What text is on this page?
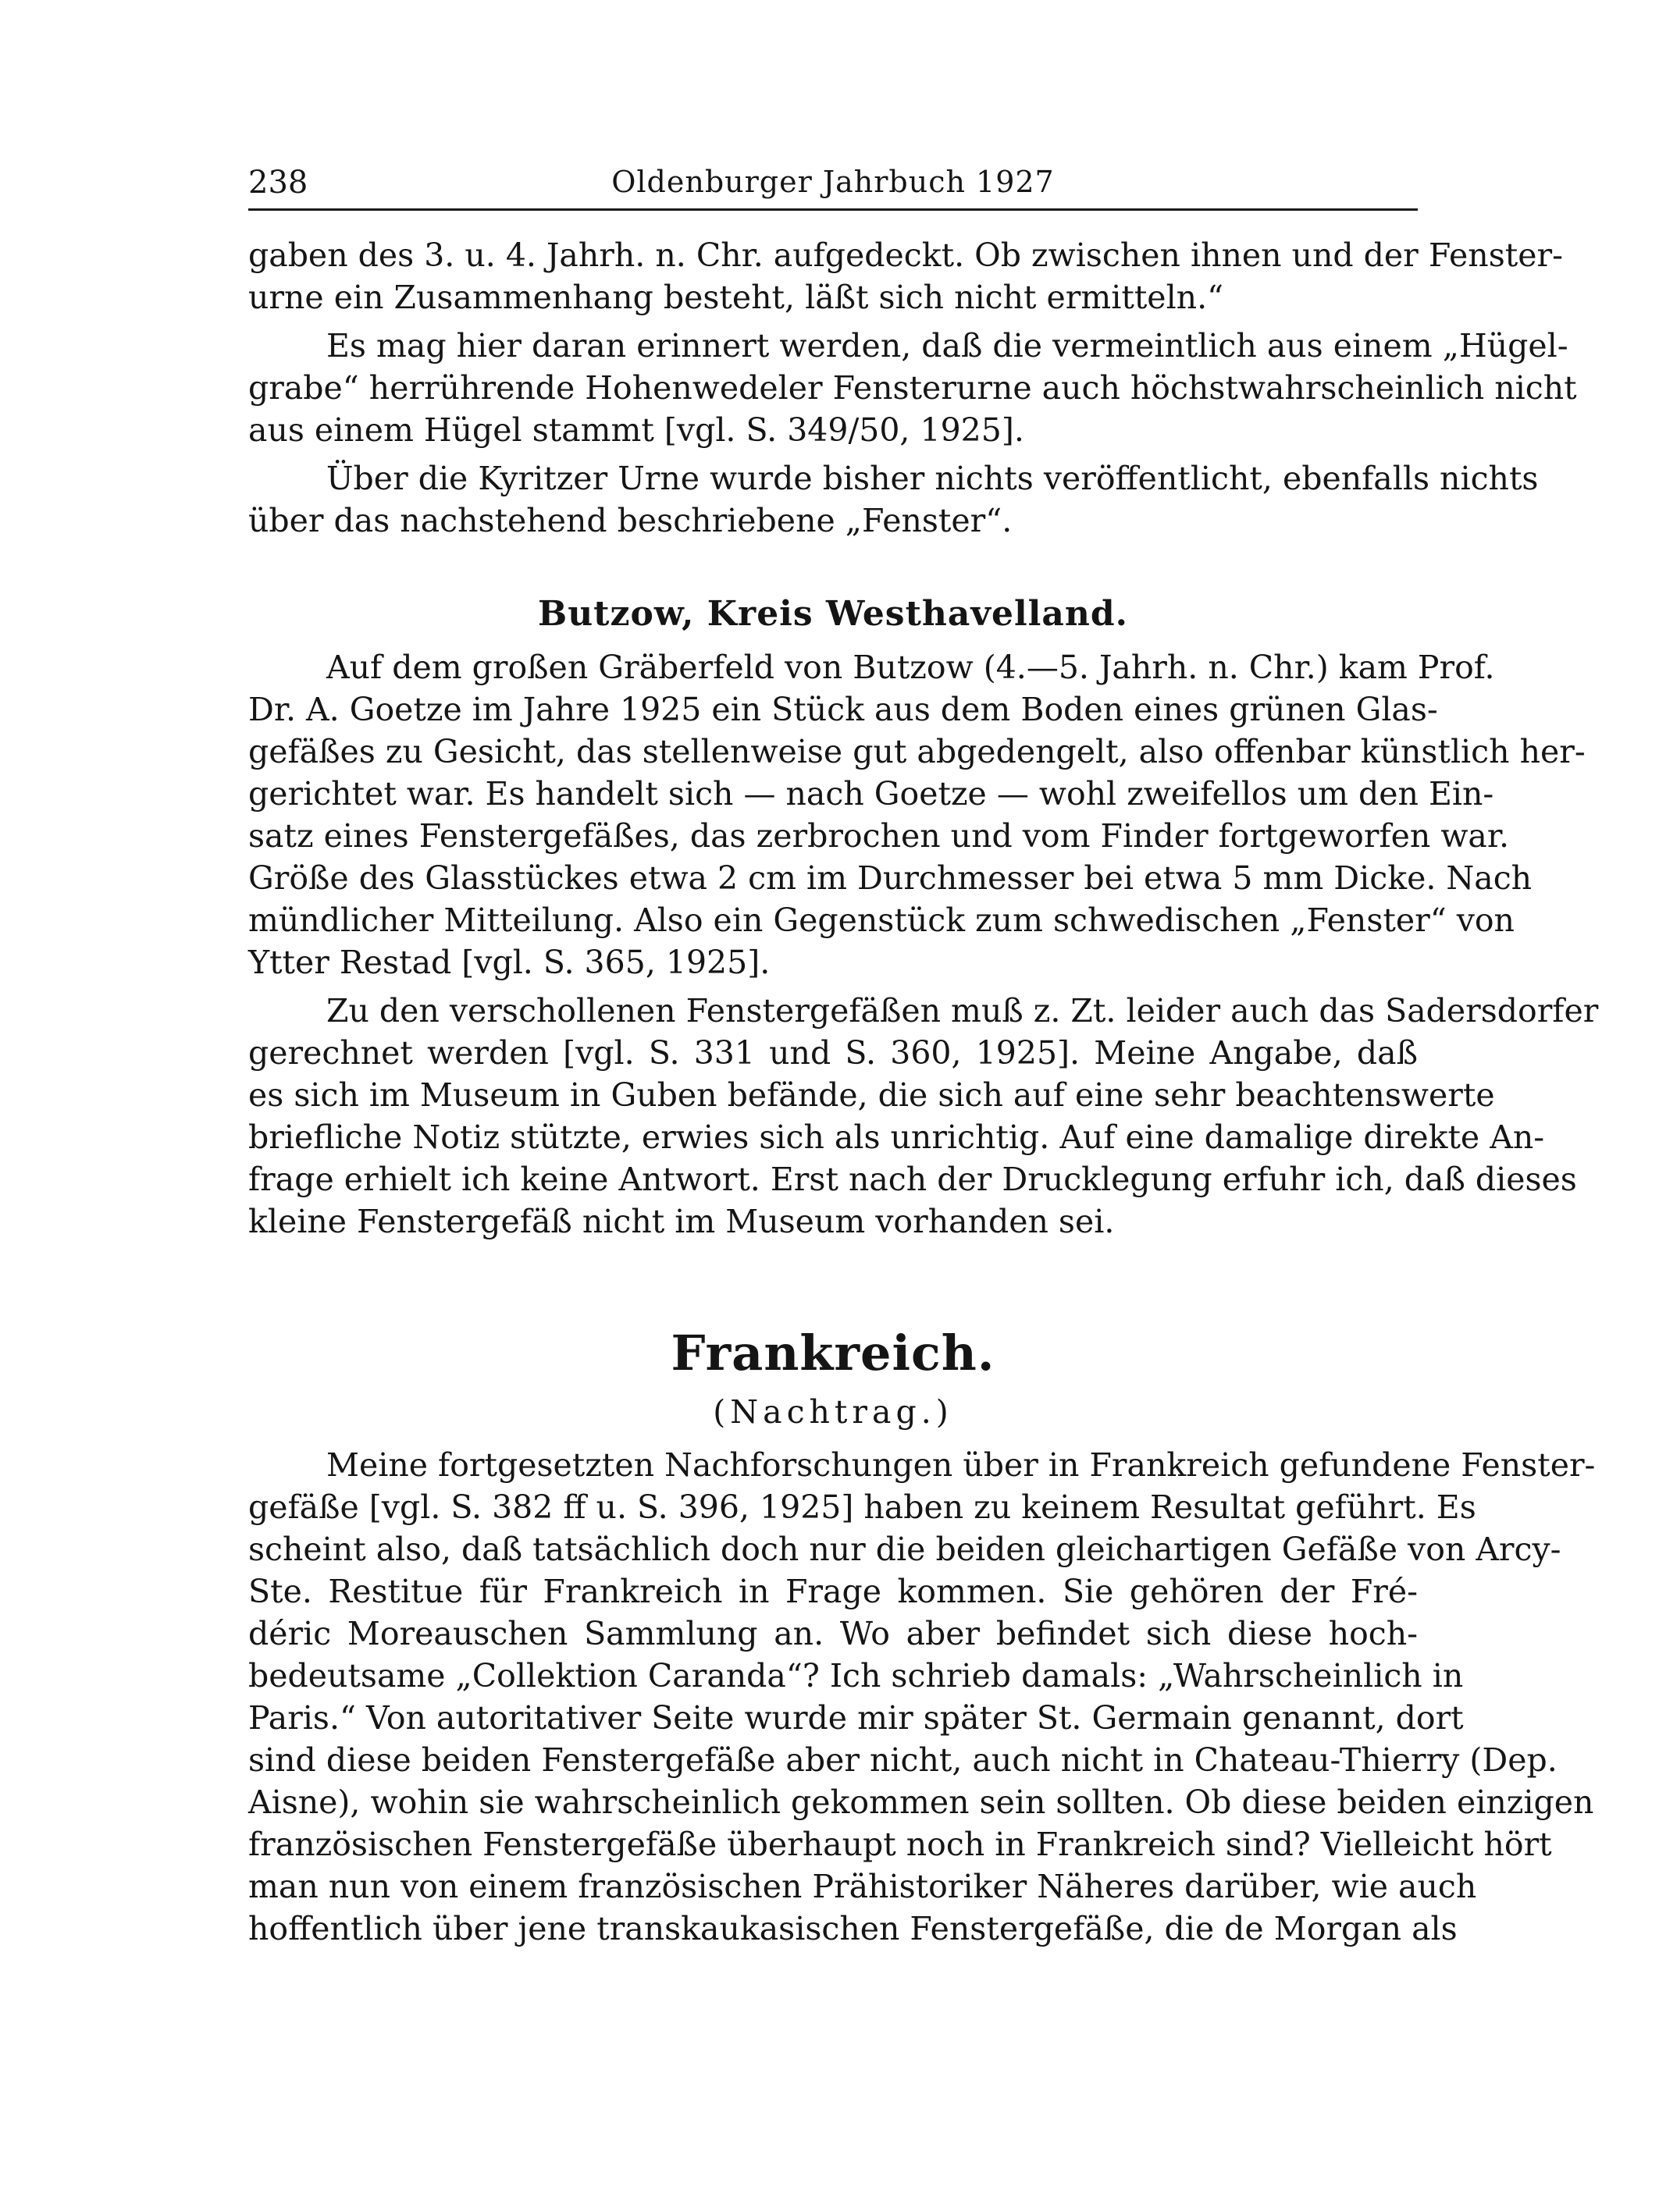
238	Oldenburger Jahrbuch 1927
gaben des 3. u. 4. Jahrh. n. Chr. aufgedeckt. Ob zwischen ihnen und der Fenster-
urne ein Zusammenhang besteht, läßt sich nicht ermitteln.“
Es mag hier daran erinnert werden, daß die vermeintlich aus einem „Hügel-
grabe“ herrührende Hohenwedeler Fensterurne auch höchstwahrscheinlich nicht
aus einem Hügel stammt [vgl. S. 349/50, 1925].
Über die Kyritzer Urne wurde bisher nichts veröffentlicht, ebenfalls nichts
über das nachstehend beschriebene „Fenster“.
Butzow, Kreis Westhavelland.
Auf dem großen Gräberfeld von Butzow (4.—5. Jahrh. n. Chr.) kam Prof.
Dr. A. Goetze im Jahre 1925 ein Stück aus dem Boden eines grünen Glas-
gefäßes zu Gesicht, das stellenweise gut abgedengelt, also offenbar künstlich her-
gerichtet war. Es handelt sich — nach Goetze — wohl zweifellos um den Ein-
satz eines Fenstergefäßes, das zerbrochen und vom Finder fortgeworfen war.
Größe des Glasstückes etwa 2 cm im Durchmesser bei etwa 5 mm Dicke. Nach
mündlicher Mitteilung. Also ein Gegenstück zum schwedischen „Fenster“ von
Ytter Restad [vgl. S. 365, 1925].
Zu den verschollenen Fenstergefäßen muß z. Zt. leider auch das Sadersdorfer
gerechnet werden [vgl. S. 331 und S. 360, 1925]. Meine Angabe, daß
es sich im Museum in Guben befände, die sich auf eine sehr beachtenswerte
briefliche Notiz stützte, erwies sich als unrichtig. Auf eine damalige direkte An-
frage erhielt ich keine Antwort. Erst nach der Drucklegung erfuhr ich, daß dieses
kleine Fenstergefäß nicht im Museum vorhanden sei.
Frankreich.
(Nachtrag.)
Meine fortgesetzten Nachforschungen über in Frankreich gefundene Fenster-
gefäße [vgl. S. 382 ff u. S. 396, 1925] haben zu keinem Resultat geführt. Es
scheint also, daß tatsächlich doch nur die beiden gleichartigen Gefäße von Arcy-
Ste. Restitue für Frankreich in Frage kommen. Sie gehören der Fré-
déric Moreauschen Sammlung an. Wo aber befindet sich diese hoch-
bedeutsame „Collektion Caranda“? Ich schrieb damals: „Wahrscheinlich in
Paris.“ Von autoritativer Seite wurde mir später St. Germain genannt, dort
sind diese beiden Fenstergefäße aber nicht, auch nicht in Chateau-Thierry (Dep.
Aisne), wohin sie wahrscheinlich gekommen sein sollten. Ob diese beiden einzigen
französischen Fenstergefäße überhaupt noch in Frankreich sind? Vielleicht hört
man nun von einem französischen Prähistoriker Näheres darüber, wie auch
hoffentlich über jene transkaukasischen Fenstergefäße, die de Morgan als
